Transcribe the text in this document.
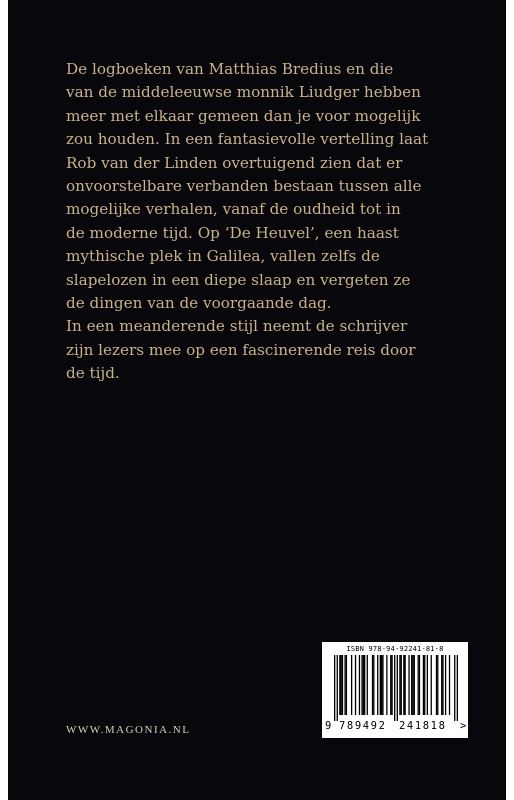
De logboeken van Matthias Bredius en die
van de middeleeuwse monnik Liudger hebben
meer met elkaar gemeen dan je voor mogelijk
zou houden. In een fantasievolle vertelling laat
Rob van der Linden overtuigend zien dat er
onvoorstelbare verbanden bestaan tussen alle
mogelijke verhalen, vanaf de oudheid tot in
de moderne tijd. Op ‘De Heuvel’, een haast
mythische plek in Galilea, vallen zelfs de
slapelozen in een diepe slaap en vergeten ze
de dingen van de voorgaande dag.
In een meanderende stijl neemt de schrijver
zijn lezers mee op een fascinerende reis door
de tijd.
WWW.MAGONIA.NL
ISBN 978-94-92241-81-8
9 789492 241818 >
